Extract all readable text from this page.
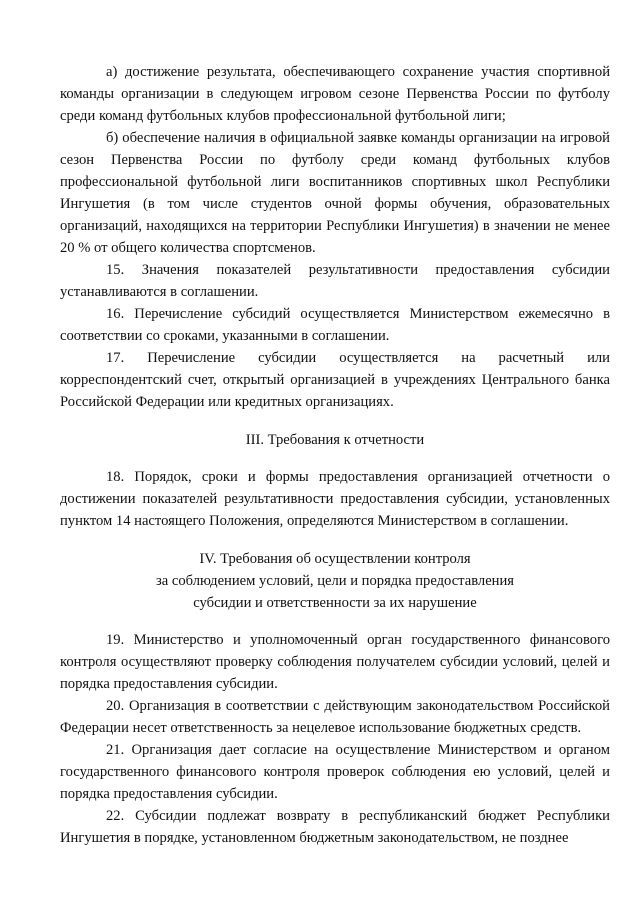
а) достижение результата, обеспечивающего сохранение участия спортивной команды организации в следующем игровом сезоне Первенства России по футболу среди команд футбольных клубов профессиональной футбольной лиги;

б) обеспечение наличия в официальной заявке команды организации на игровой сезон Первенства России по футболу среди команд футбольных клубов профессиональной футбольной лиги воспитанников спортивных школ Республики Ингушетия (в том числе студентов очной формы обучения, образовательных организаций, находящихся на территории Республики Ингушетия) в значении не менее 20 % от общего количества спортсменов.

15. Значения показателей результативности предоставления субсидии устанавливаются в соглашении.

16. Перечисление субсидий осуществляется Министерством ежемесячно в соответствии со сроками, указанными в соглашении.

17. Перечисление субсидии осуществляется на расчетный или корреспондентский счет, открытый организацией в учреждениях Центрального банка Российской Федерации или кредитных организациях.

III. Требования к отчетности

18. Порядок, сроки и формы предоставления организацией отчетности о достижении показателей результативности предоставления субсидии, установленных пунктом 14 настоящего Положения, определяются Министерством в соглашении.

IV. Требования об осуществлении контроля
за соблюдением условий, цели и порядка предоставления
субсидии и ответственности за их нарушение

19. Министерство и уполномоченный орган государственного финансового контроля осуществляют проверку соблюдения получателем субсидии условий, целей и порядка предоставления субсидии.

20. Организация в соответствии с действующим законодательством Российской Федерации несет ответственность за нецелевое использование бюджетных средств.

21. Организация дает согласие на осуществление Министерством и органом государственного финансового контроля проверок соблюдения ею условий, целей и порядка предоставления субсидии.

22. Субсидии подлежат возврату в республиканский бюджет Республики Ингушетия в порядке, установленном бюджетным законодательством, не позднее
